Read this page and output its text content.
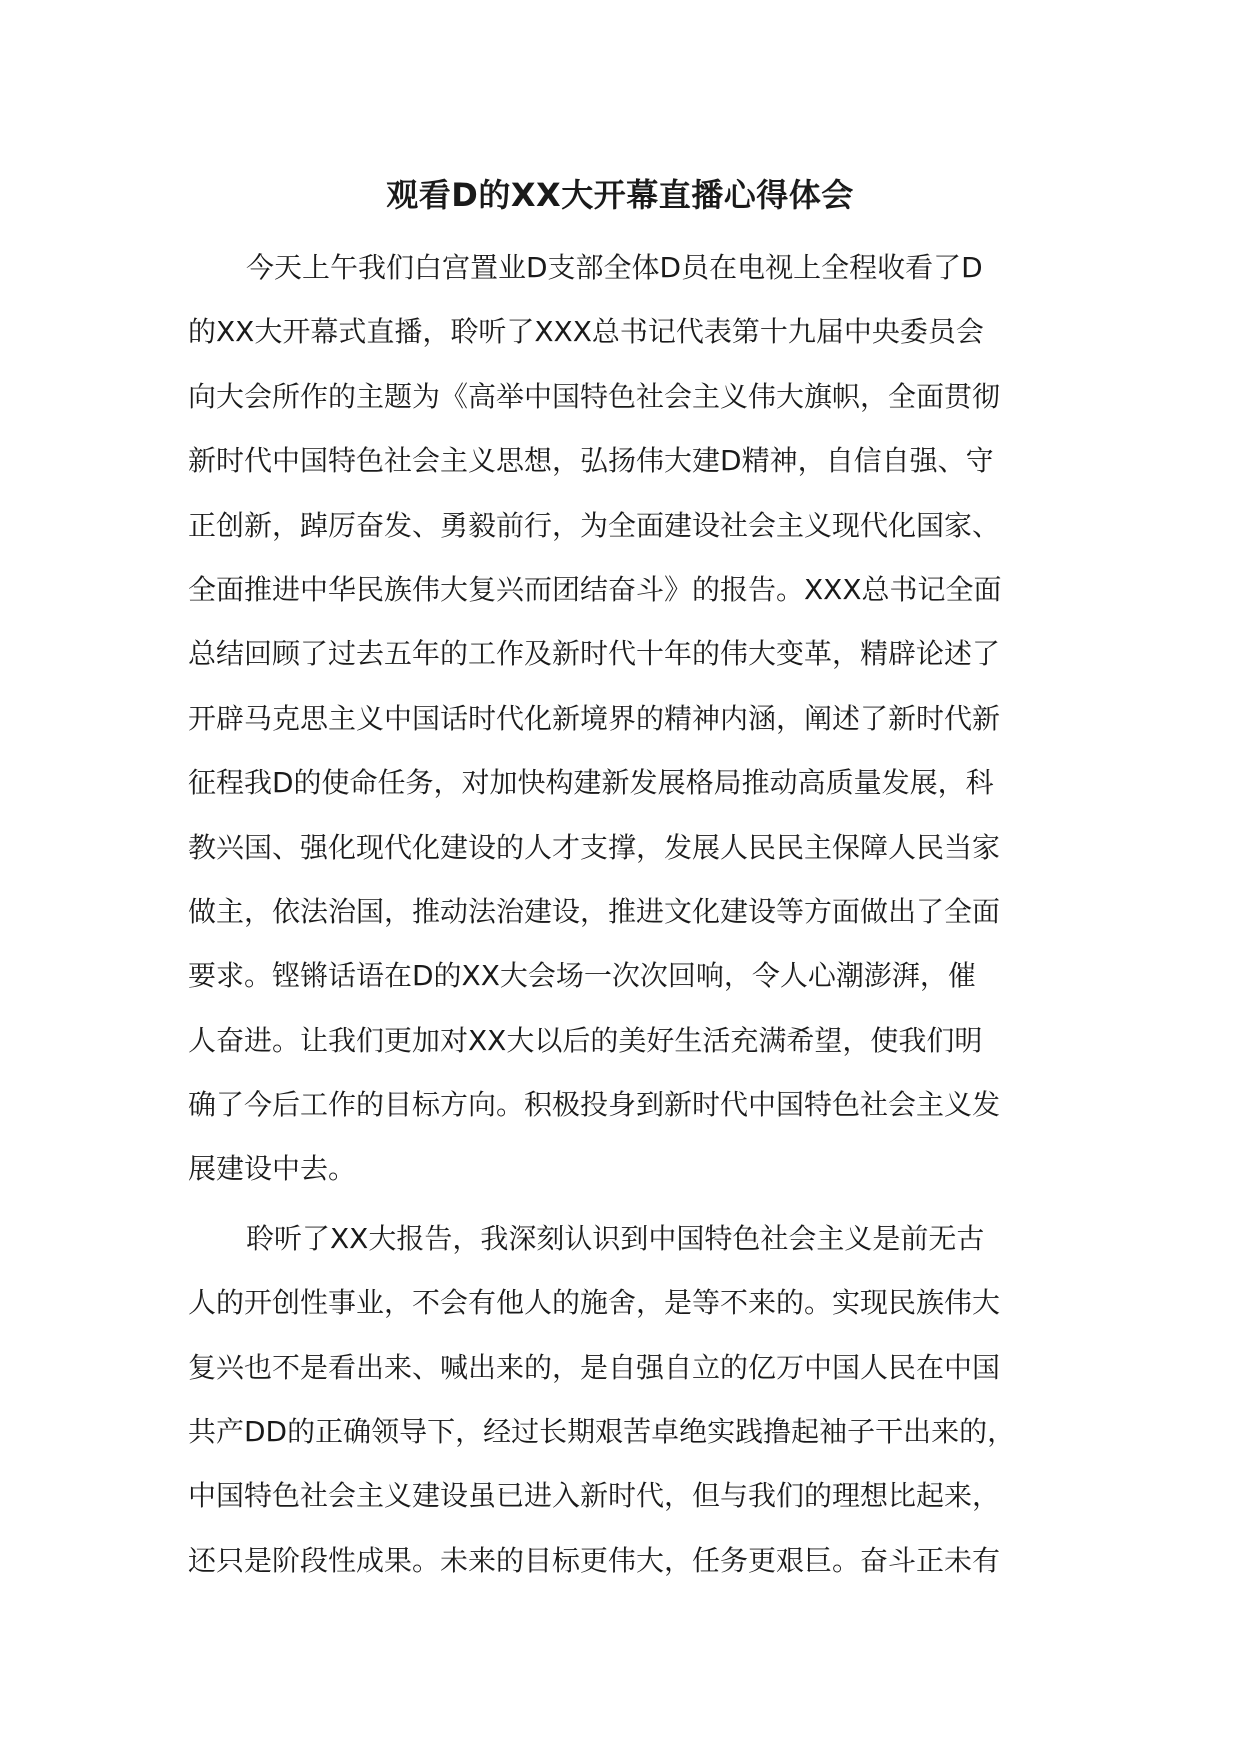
观看D的XX大开幕直播心得体会
今天上午我们白宫置业D支部全体D员在电视上全程收看了D
的XX大开幕式直播，聆听了XXX总书记代表第十九届中央委员会
向大会所作的主题为《高举中国特色社会主义伟大旗帜，全面贯彻
新时代中国特色社会主义思想，弘扬伟大建D精神，自信自强、守
正创新，踔厉奋发、勇毅前行，为全面建设社会主义现代化国家、
全面推进中华民族伟大复兴而团结奋斗》的报告。XXX总书记全面
总结回顾了过去五年的工作及新时代十年的伟大变革，精辟论述了
开辟马克思主义中国话时代化新境界的精神内涵，阐述了新时代新
征程我D的使命任务，对加快构建新发展格局推动高质量发展，科
教兴国、强化现代化建设的人才支撑，发展人民民主保障人民当家
做主，依法治国，推动法治建设，推进文化建设等方面做出了全面
要求。铿锵话语在D的XX大会场一次次回响，令人心潮澎湃，催
人奋进。让我们更加对XX大以后的美好生活充满希望，使我们明
确了今后工作的目标方向。积极投身到新时代中国特色社会主义发
展建设中去。
聆听了XX大报告，我深刻认识到中国特色社会主义是前无古
人的开创性事业，不会有他人的施舍，是等不来的。实现民族伟大
复兴也不是看出来、喊出来的，是自强自立的亿万中国人民在中国
共产DD的正确领导下，经过长期艰苦卓绝实践撸起袖子干出来的，
中国特色社会主义建设虽已进入新时代，但与我们的理想比起来，
还只是阶段性成果。未来的目标更伟大，任务更艰巨。奋斗正未有
